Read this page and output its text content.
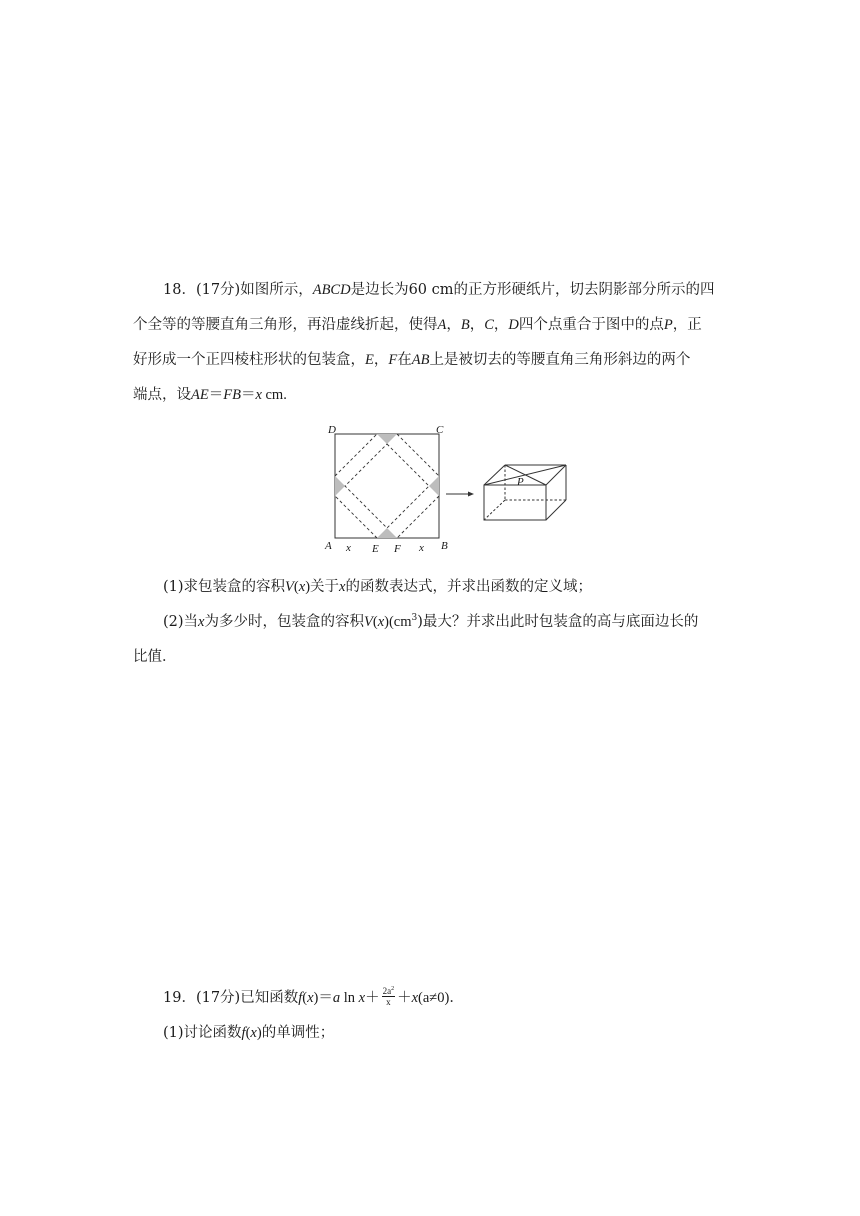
18．(17分)如图所示，ABCD是边长为60 cm的正方形硬纸片，切去阴影部分所示的四
个全等的等腰直角三角形，再沿虚线折起，使得A，B，C，D四个点重合于图中的点P，正
好形成一个正四棱柱形状的包装盒，E，F在AB上是被切去的等腰直角三角形斜边的两个
端点，设AE＝FB＝x cm.
D	C
A	B
x E F x
P
(1)求包装盒的容积V(x)关于x的函数表达式，并求出函数的定义域；
(2)当x为多少时，包装盒的容积$V(x)(cm^3)$最大？并求出此时包装盒的高与底面边长的
比值．
19．(17分)已知函数f(x)＝a $\ln x+ \frac{2a^2}{x} +x(a\ne 0)$．
(1)讨论函数f(x)的单调性；
